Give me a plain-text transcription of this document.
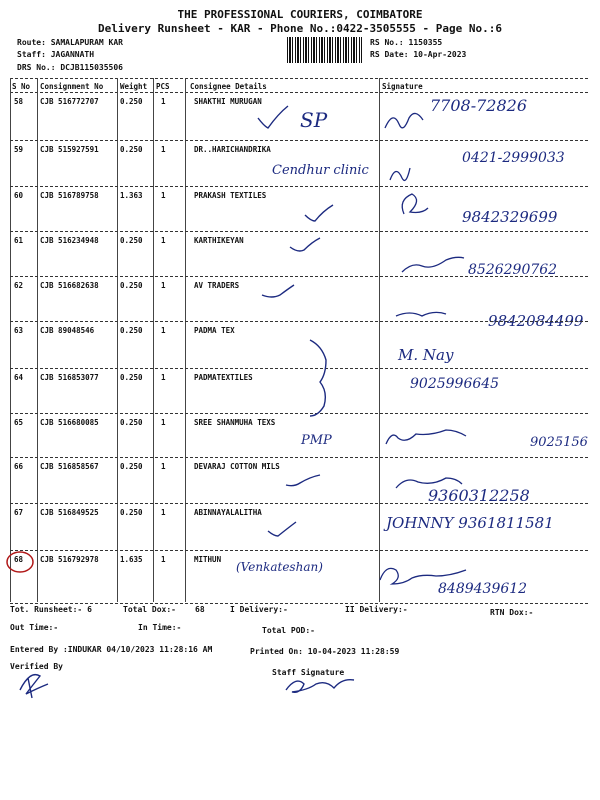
THE PROFESSIONAL COURIERS, COIMBATORE
Delivery Runsheet - KAR - Phone No.:0422-3505555 - Page No.:6
Route: SAMALAPURAM KAR
Staff: JAGANNATH
DRS No.: DCJB115035506
RS No.: 1150355
RS Date: 10-Apr-2023
S No Consignment No Weight PCS	Consignee Details	Signature
58 CJB 516772707	0.250 1	SHAKTHI MURUGAN
SP
7708-72826
59 CJB 515927591	0.250 1	DR..HARICHANDRIKA
Cendhur clinic
0421-2999033
60 CJB 516789758	1.363 1	PRAKASH TEXTILES
9842329699
61 CJB 516234948	0.250 1	KARTHIKEYAN
8526290762
62 CJB 516682638	0.250 1	AV TRADERS
9842084499
63 CJB 89048546	0.250 1	PADMA TEX
M. Nay
64 CJB 516853077	0.250 1	PADMATEXTILES	9025996645
65 CJB 516680085	0.250 1	SREE SHANMUHA TEXS
PMP	9025156
66 CJB 516858567	0.250 1	DEVARAJ COTTON MILS
9360312258
67 CJB 516849525	0.250 1	ABINNAYALALITHA
JOHNNY 9361811581
68 CJB 516792978	1.635 1	MITHUN
(Venkateshan)
8489439612
Tot. Runsheet:- 6	Total Dox:- 68	I Delivery:-	II Delivery:-	RTN Dox:-
Out Time:-	In Time:-	Total POD:-
Entered By :INDUKAR 04/10/2023 11:28:16 AM	Printed On: 10-04-2023 11:28:59
Verified By
Staff Signature
